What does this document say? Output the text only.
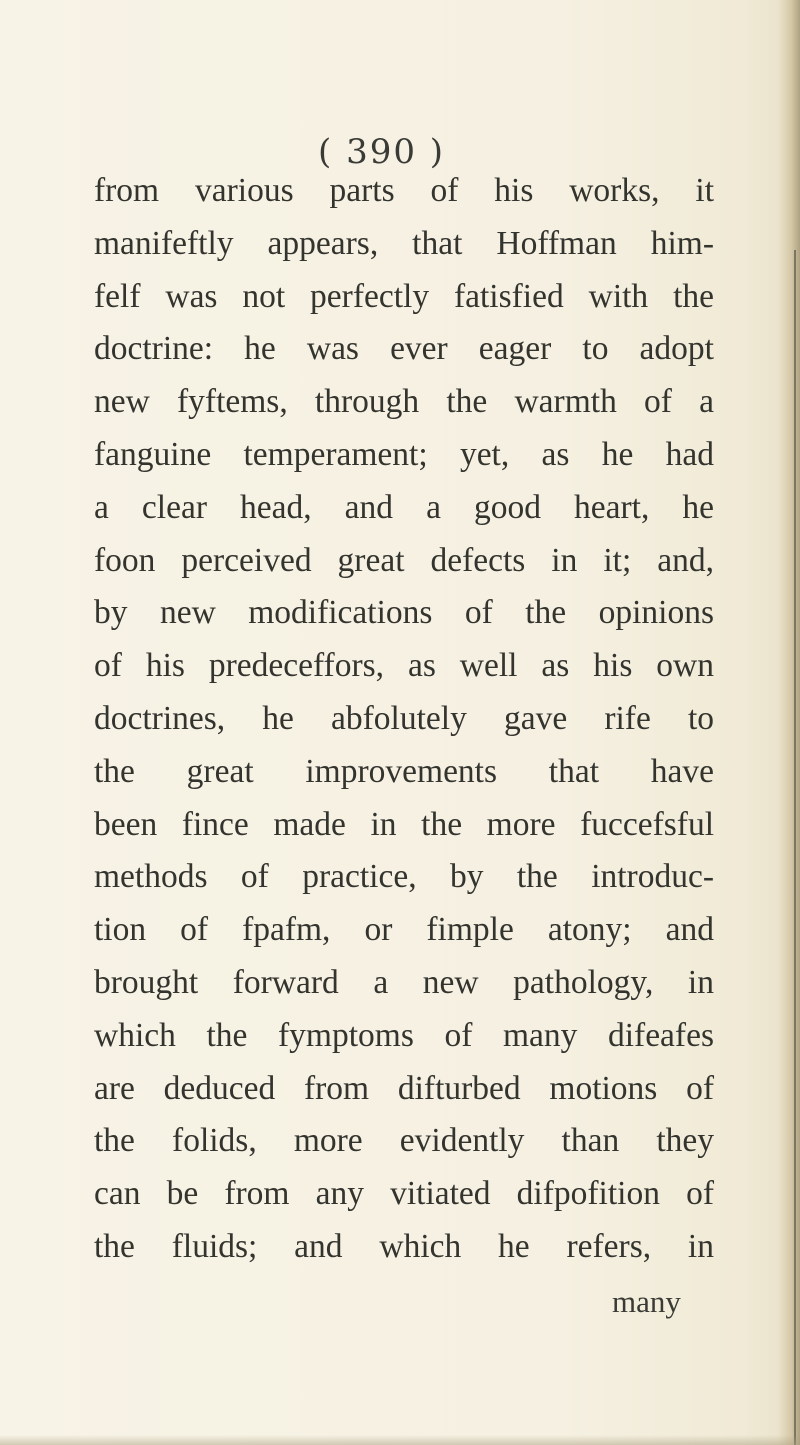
( 390 )
from various parts of his works, it
manifeftly appears, that Hoffman him-
felf was not perfectly fatisfied with the
doctrine: he was ever eager to adopt
new fyftems, through the warmth of a
fanguine temperament; yet, as he had
a clear head, and a good heart, he
foon perceived great defects in it; and,
by new modifications of the opinions
of his predeceffors, as well as his own
doctrines, he abfolutely gave rife to
the great improvements that have
been fince made in the more fuccefsful
methods of practice, by the introduc-
tion of fpafm, or fimple atony; and
brought forward a new pathology, in
which the fymptoms of many difeafes
are deduced from difturbed motions of
the folids, more evidently than they
can be from any vitiated difpofition of
the fluids; and which he refers, in
many
